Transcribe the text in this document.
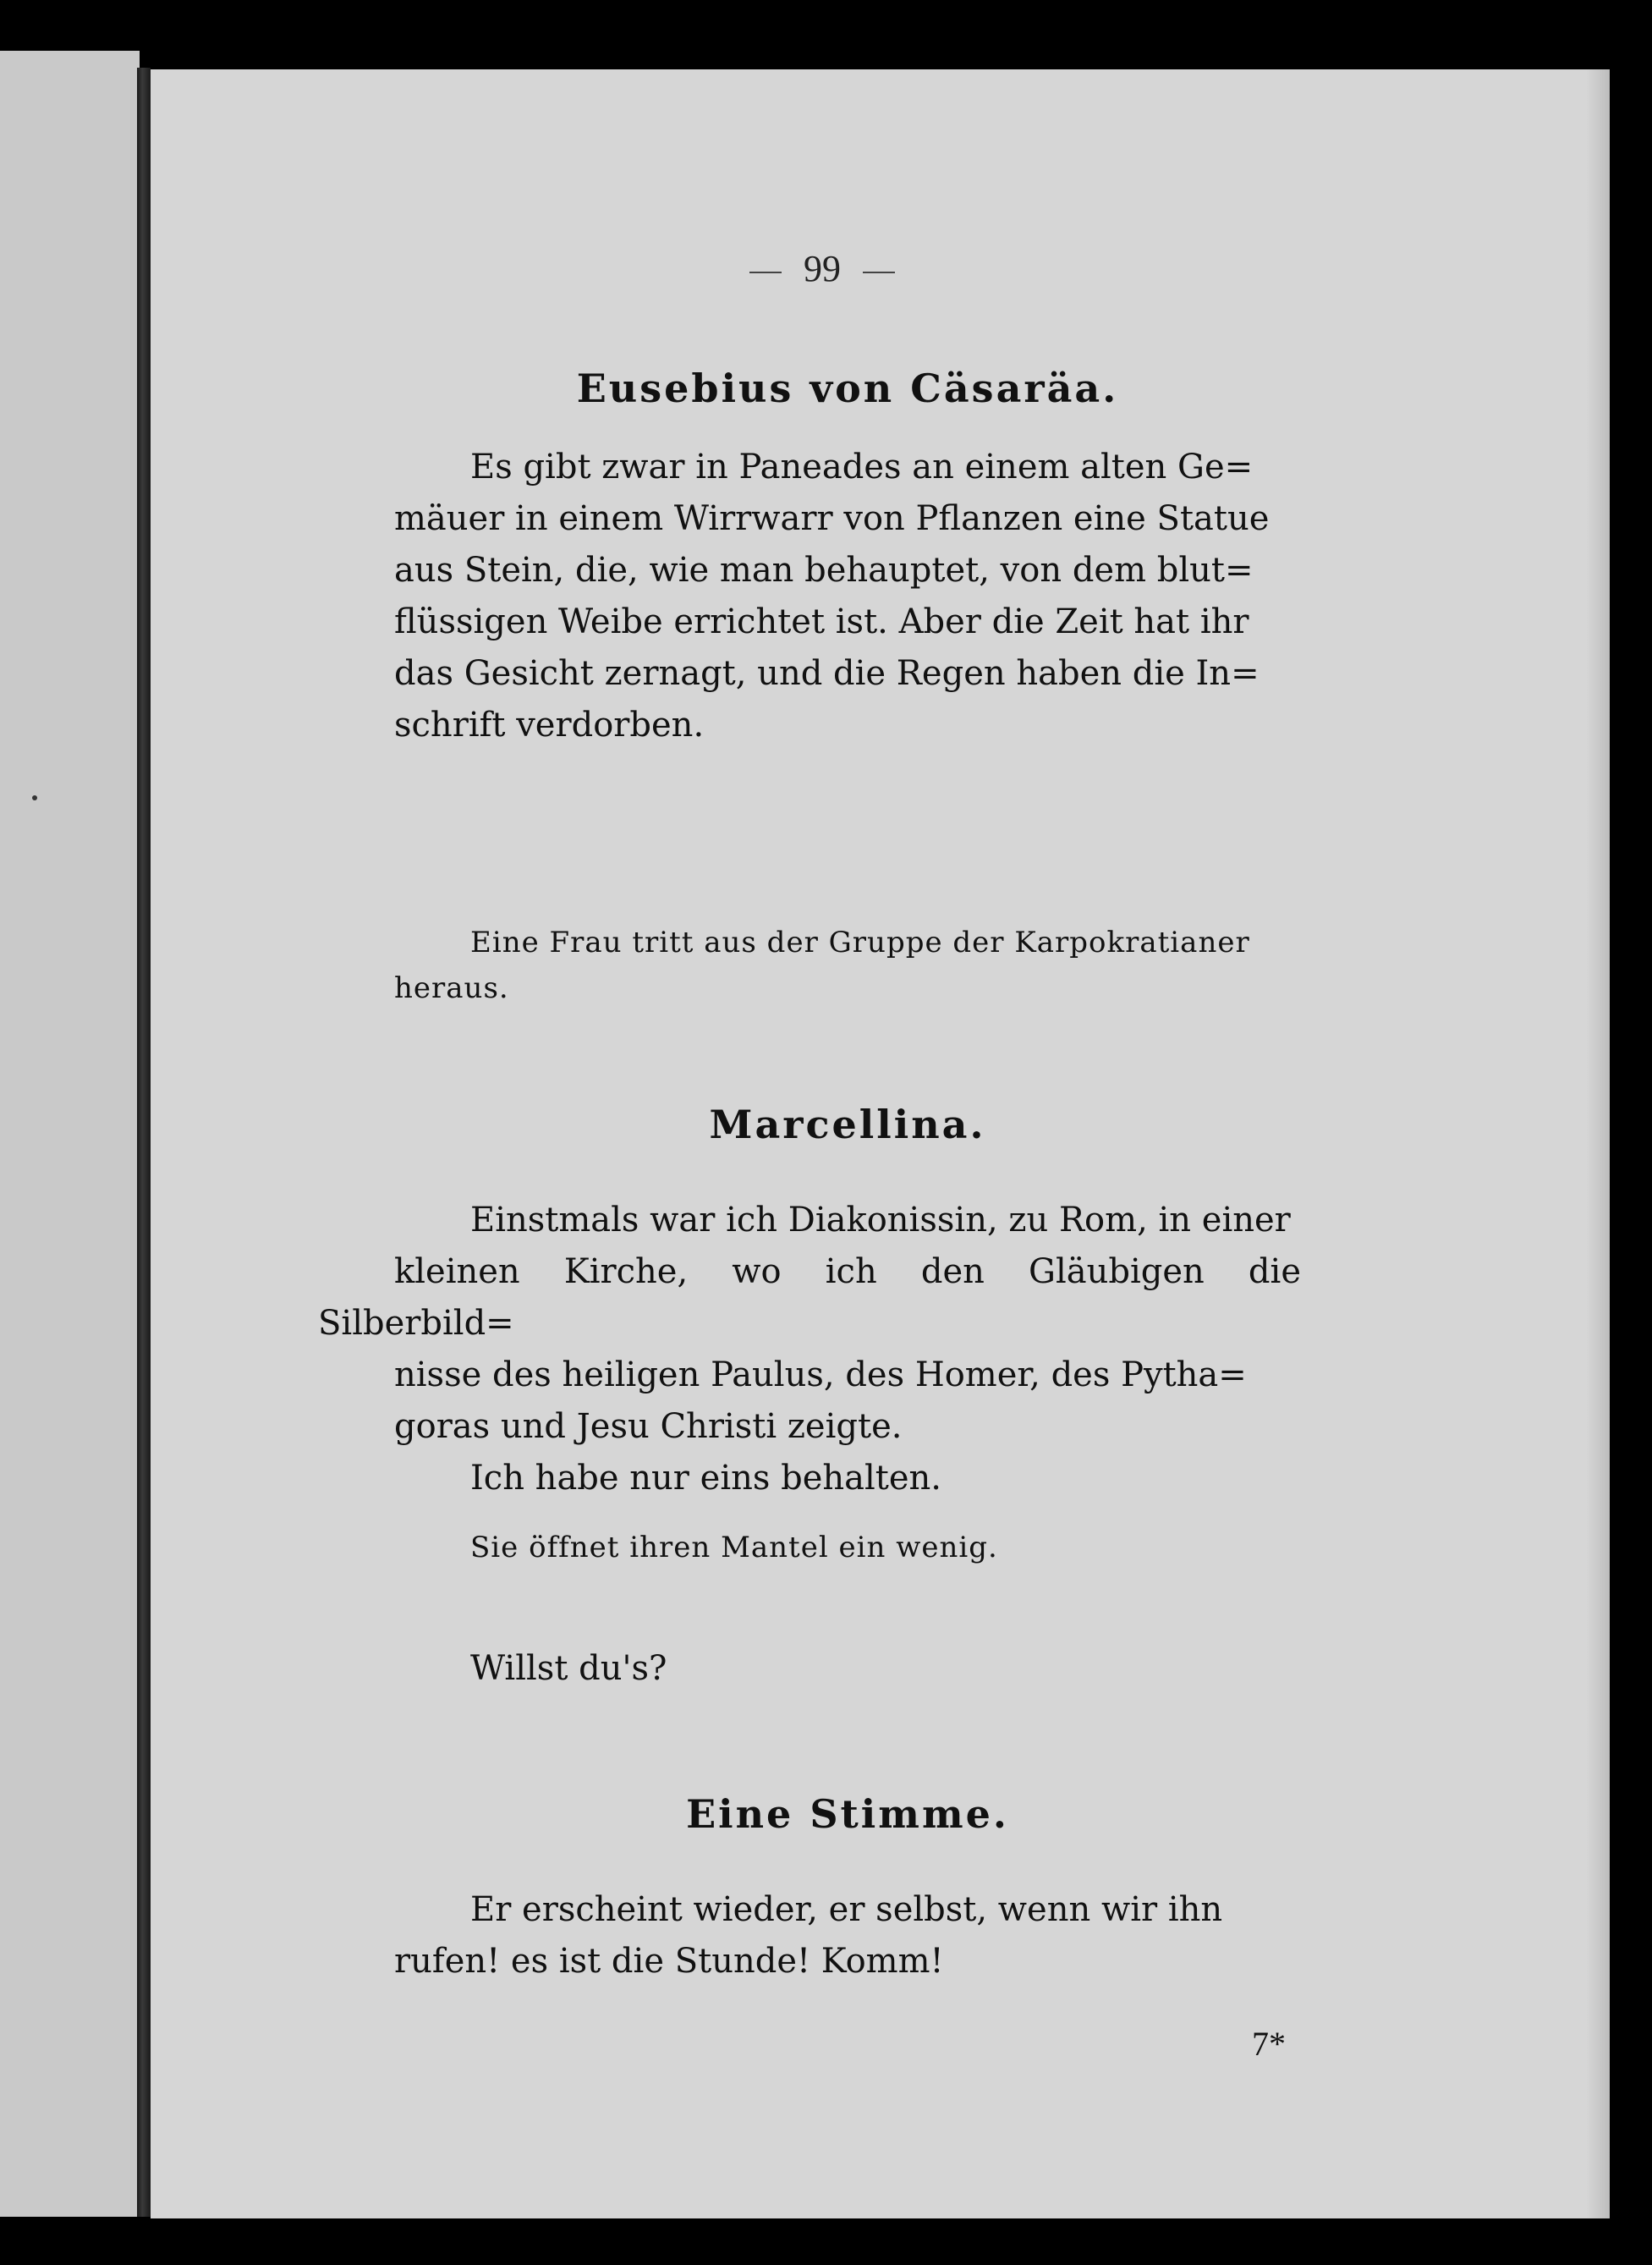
99
Eusebius von Cäsaräa.

Es gibt zwar in Paneades an einem alten Ge=
mäuer in einem Wirrwarr von Pflanzen eine Statue
aus Stein, die, wie man behauptet, von dem blut=
flüssigen Weibe errichtet ist. Aber die Zeit hat ihr
das Gesicht zernagt, und die Regen haben die In=
schrift verdorben.

Eine Frau tritt aus der Gruppe der Karpokratianer
heraus.

Marcellina.

Einstmals war ich Diakonissin, zu Rom, in einer
kleinen Kirche, wo ich den Gläubigen die Silberbild=
nisse des heiligen Paulus, des Homer, des Pytha=
goras und Jesu Christi zeigte.
Ich habe nur eins behalten.

Sie öffnet ihren Mantel ein wenig.

Willst du's?

Eine Stimme.

Er erscheint wieder, er selbst, wenn wir ihn
rufen! es ist die Stunde! Komm!

7*
